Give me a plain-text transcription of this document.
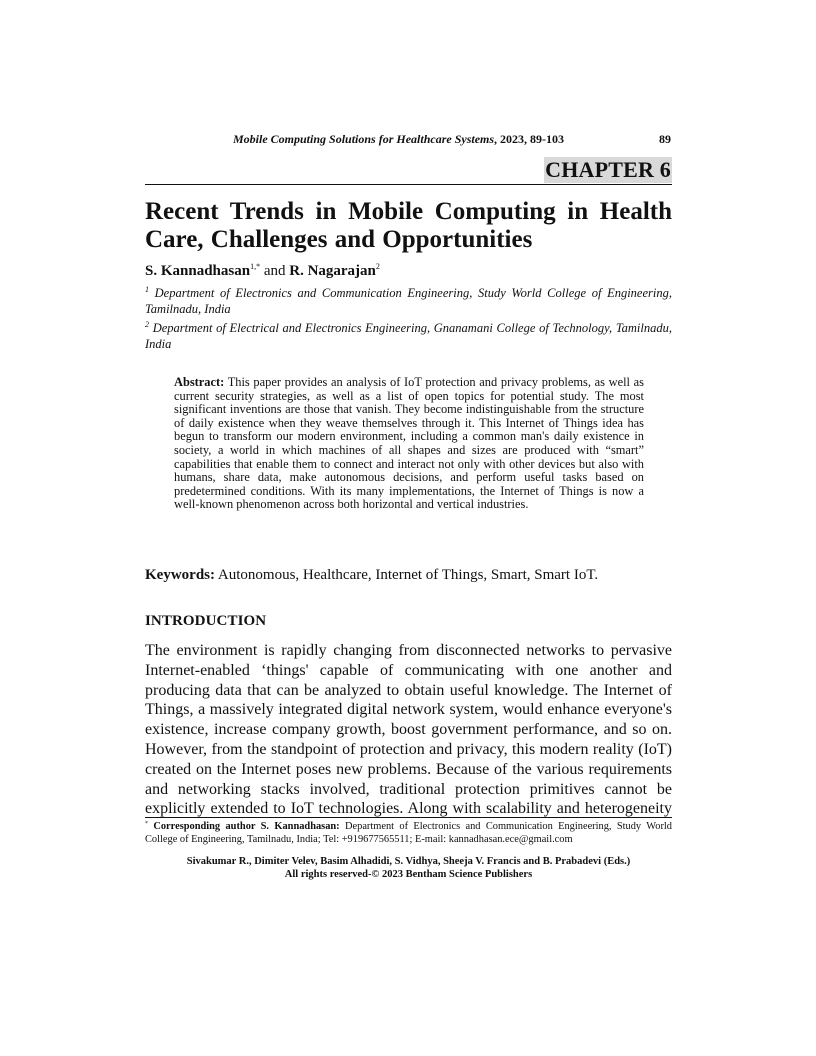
Mobile Computing Solutions for Healthcare Systems, 2023, 89-103	89
CHAPTER 6
Recent Trends in Mobile Computing in Health Care, Challenges and Opportunities
S. Kannadhasan$^{1,*}$ and R. Nagarajan$^2$
$^1$ Department of Electronics and Communication Engineering, Study World College of Engineering, Tamilnadu, India
$^2$ Department of Electrical and Electronics Engineering, Gnanamani College of Technology, Tamilnadu, India
Abstract: This paper provides an analysis of IoT protection and privacy problems, as well as current security strategies, as well as a list of open topics for potential study. The most significant inventions are those that vanish. They become indistinguishable from the structure of daily existence when they weave themselves through it. This Internet of Things idea has begun to transform our modern environment, including a common man's daily existence in society, a world in which machines of all shapes and sizes are produced with “smart” capabilities that enable them to connect and interact not only with other devices but also with humans, share data, make autonomous decisions, and perform useful tasks based on predetermined conditions. With its many implementations, the Internet of Things is now a well-known phenomenon across both horizontal and vertical industries.
Keywords: Autonomous, Healthcare, Internet of Things, Smart, Smart IoT.
INTRODUCTION

The environment is rapidly changing from disconnected networks to pervasive Internet-enabled ‘things' capable of communicating with one another and producing data that can be analyzed to obtain useful knowledge. The Internet of Things, a massively integrated digital network system, would enhance everyone's existence, increase company growth, boost government performance, and so on. However, from the standpoint of protection and privacy, this modern reality (IoT) created on the Internet poses new problems. Because of the various requirements and networking stacks involved, traditional protection primitives cannot be explicitly extended to IoT technologies. Along with scalability and heterogeneity

* Corresponding author S. Kannadhasan: Department of Electronics and Communication Engineering, Study World College of Engineering, Tamilnadu, India; Tel: +919677565511; E-mail: kannadhasan.ece@gmail.com
Sivakumar R., Dimiter Velev, Basim Alhadidi, S. Vidhya, Sheeja V. Francis and B. Prabadevi (Eds.)
All rights reserved-© 2023 Bentham Science Publishers
